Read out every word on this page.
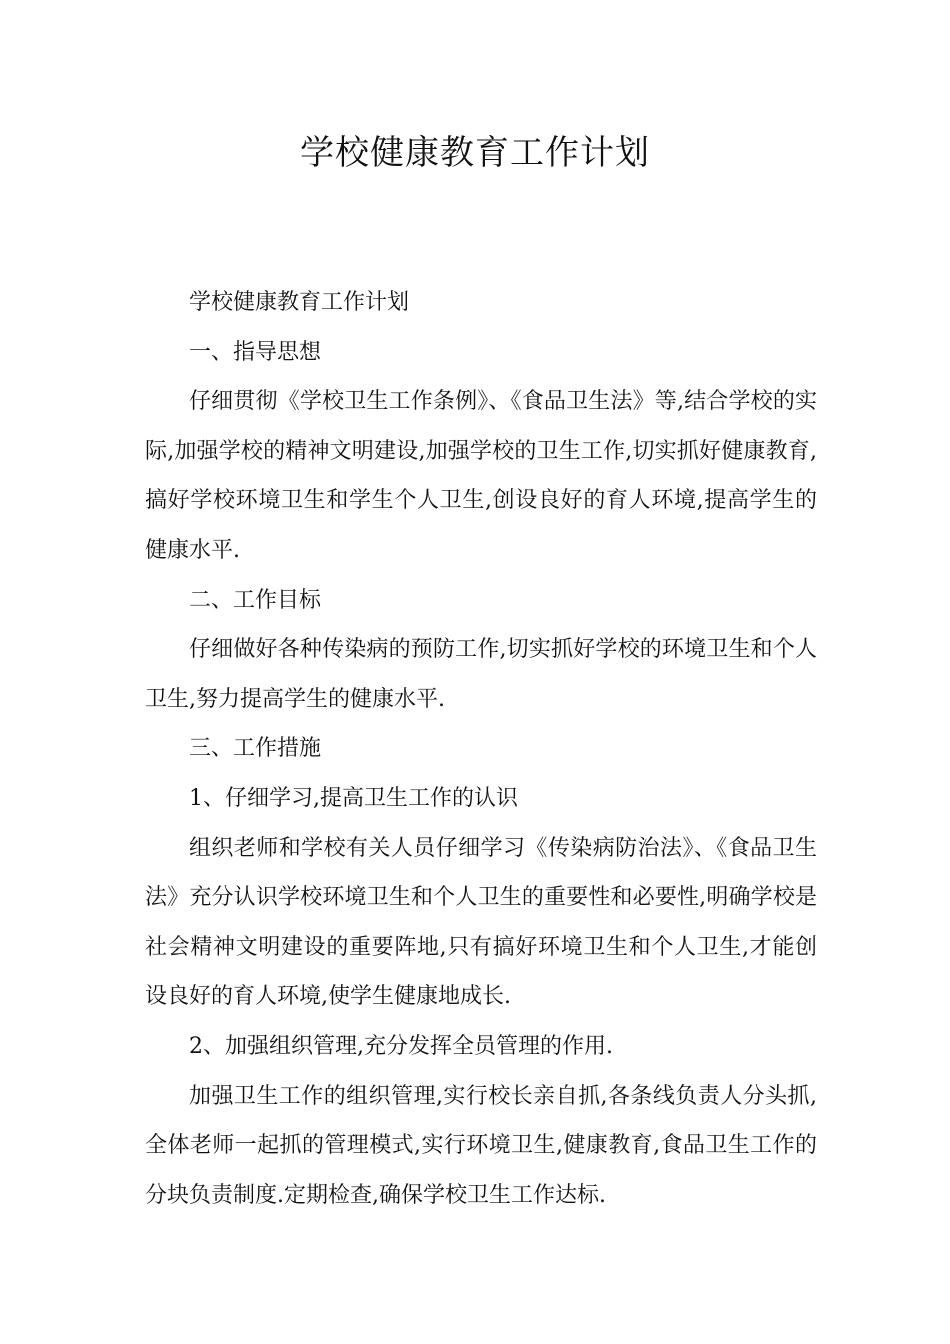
学校健康教育工作计划

学校健康教育工作计划

一、指导思想

仔细贯彻《学校卫生工作条例》、《食品卫生法》等,结合学校的实际,加强学校的精神文明建设,加强学校的卫生工作,切实抓好健康教育,搞好学校环境卫生和学生个人卫生,创设良好的育人环境,提高学生的健康水平.

二、工作目标

仔细做好各种传染病的预防工作,切实抓好学校的环境卫生和个人卫生,努力提高学生的健康水平.

三、工作措施

1、仔细学习,提高卫生工作的认识

组织老师和学校有关人员仔细学习《传染病防治法》、《食品卫生法》充分认识学校环境卫生和个人卫生的重要性和必要性,明确学校是社会精神文明建设的重要阵地,只有搞好环境卫生和个人卫生,才能创设良好的育人环境,使学生健康地成长.

2、加强组织管理,充分发挥全员管理的作用.

加强卫生工作的组织管理,实行校长亲自抓,各条线负责人分头抓,全体老师一起抓的管理模式,实行环境卫生,健康教育,食品卫生工作的分块负责制度.定期检查,确保学校卫生工作达标.
